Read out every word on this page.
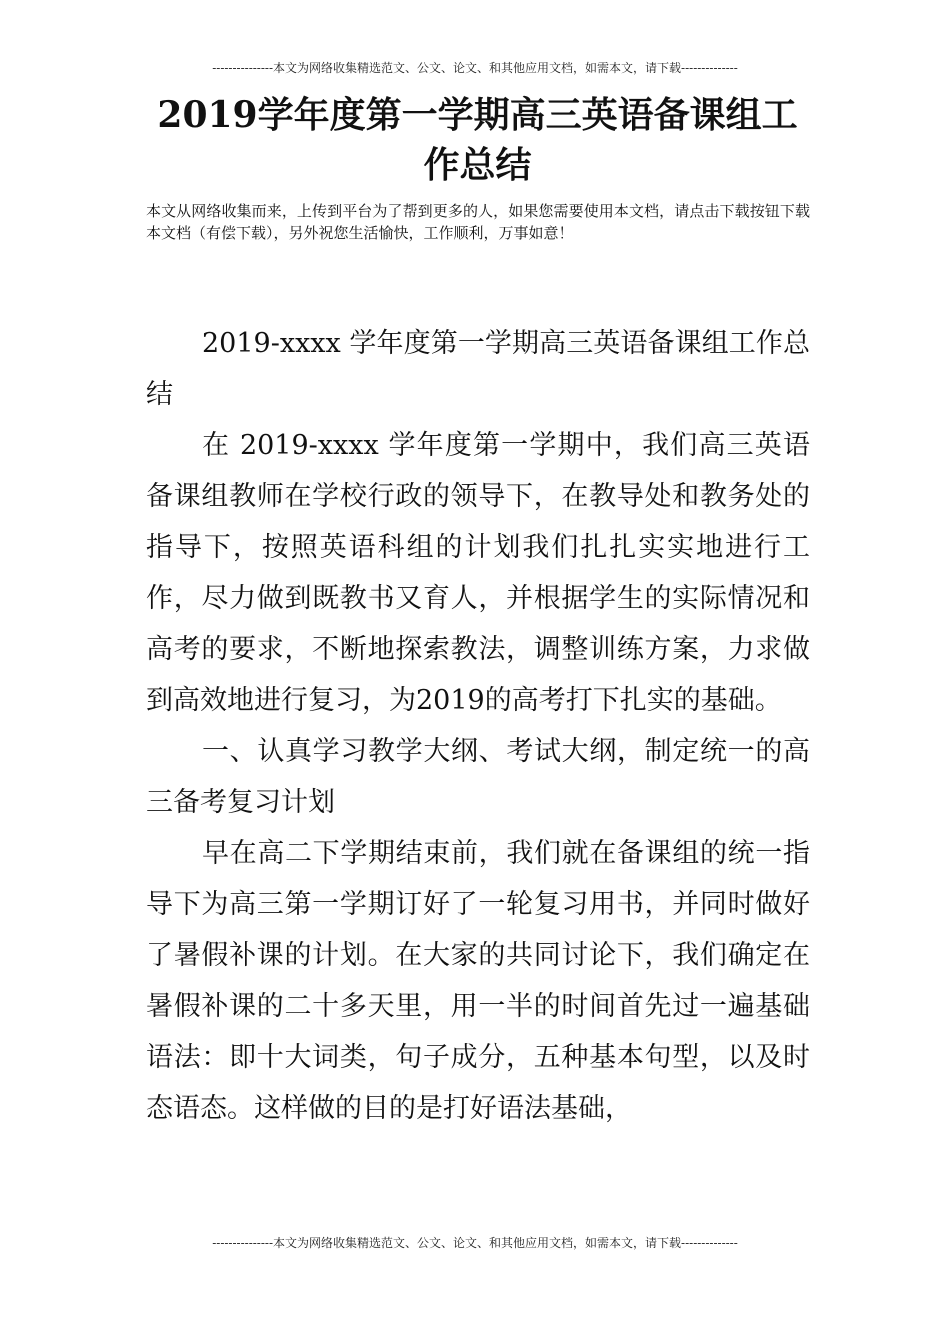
---------------本文为网络收集精选范文、公文、论文、和其他应用文档，如需本文，请下载--------------
2019学年度第一学期高三英语备课组工作总结

本文从网络收集而来，上传到平台为了帮到更多的人，如果您需要使用本文档，请点击下载按钮下载本文档（有偿下载），另外祝您生活愉快，工作顺利，万事如意！

2019-xxxx 学年度第一学期高三英语备课组工作总结

在 2019-xxxx 学年度第一学期中，我们高三英语备课组教师在学校行政的领导下，在教导处和教务处的指导下，按照英语科组的计划我们扎扎实实地进行工作，尽力做到既教书又育人，并根据学生的实际情况和高考的要求，不断地探索教法，调整训练方案，力求做到高效地进行复习，为2019的高考打下扎实的基础。

一、认真学习教学大纲、考试大纲，制定统一的高三备考复习计划

早在高二下学期结束前，我们就在备课组的统一指导下为高三第一学期订好了一轮复习用书，并同时做好了暑假补课的计划。在大家的共同讨论下，我们确定在暑假补课的二十多天里，用一半的时间首先过一遍基础语法：即十大词类，句子成分，五种基本句型，以及时态语态。这样做的目的是打好语法基础，

---------------本文为网络收集精选范文、公文、论文、和其他应用文档，如需本文，请下载--------------
